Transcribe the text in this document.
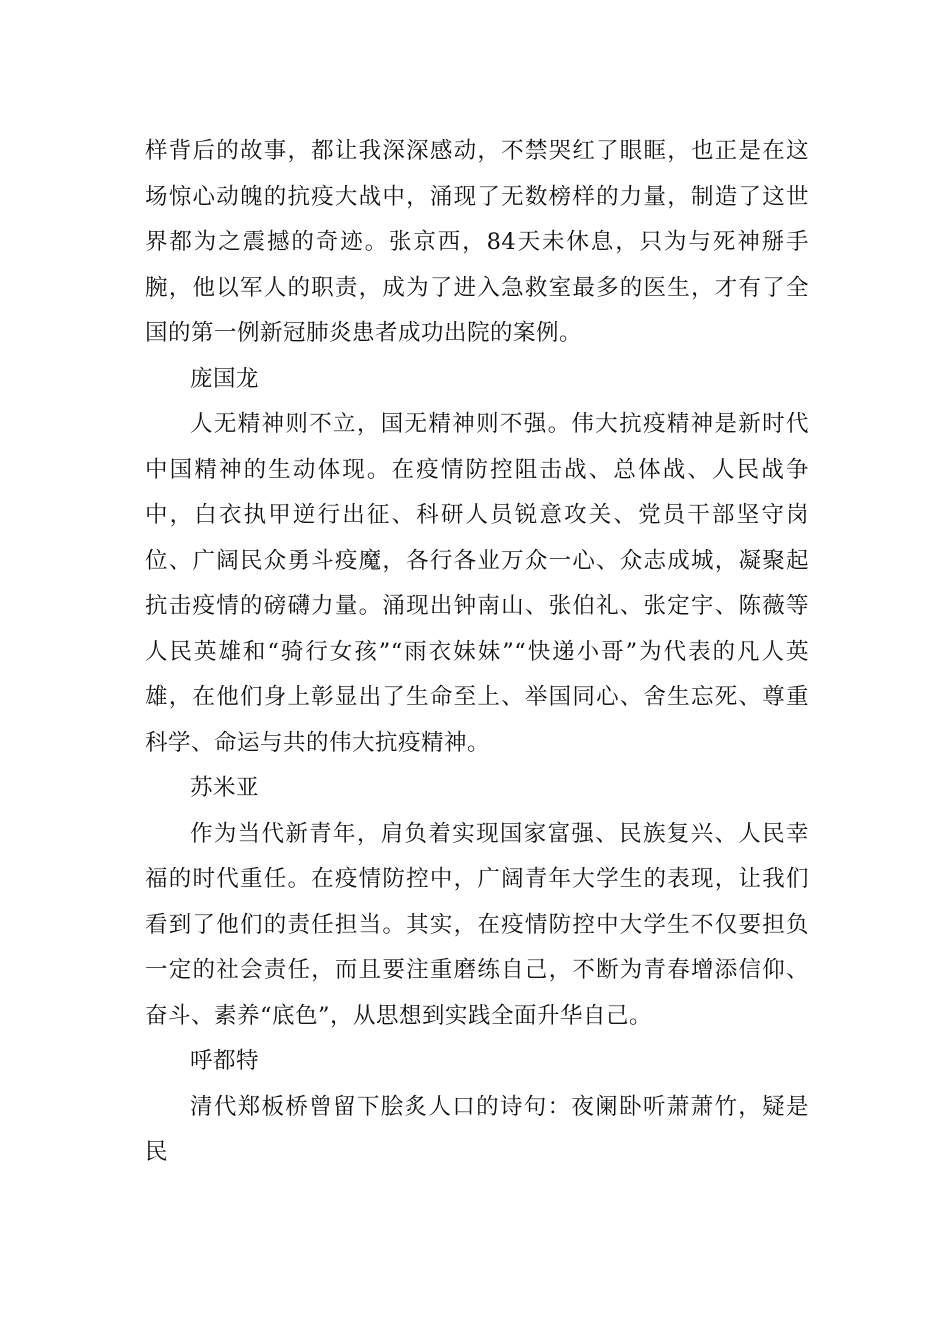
样背后的故事，都让我深深感动，不禁哭红了眼眶，也正是在这场惊心动魄的抗疫大战中，涌现了无数榜样的力量，制造了这世界都为之震撼的奇迹。张京西，84天未休息，只为与死神掰手腕，他以军人的职责，成为了进入急救室最多的医生，才有了全国的第一例新冠肺炎患者成功出院的案例。

庞国龙

人无精神则不立，国无精神则不强。伟大抗疫精神是新时代中国精神的生动体现。在疫情防控阻击战、总体战、人民战争中，白衣执甲逆行出征、科研人员锐意攻关、党员干部坚守岗位、广阔民众勇斗疫魔，各行各业万众一心、众志成城，凝聚起抗击疫情的磅礴力量。涌现出钟南山、张伯礼、张定宇、陈薇等人民英雄和“骑行女孩”“雨衣妹妹”“快递小哥”为代表的凡人英雄，在他们身上彰显出了生命至上、举国同心、舍生忘死、尊重科学、命运与共的伟大抗疫精神。

苏米亚

作为当代新青年，肩负着实现国家富强、民族复兴、人民幸福的时代重任。在疫情防控中，广阔青年大学生的表现，让我们看到了他们的责任担当。其实，在疫情防控中大学生不仅要担负一定的社会责任，而且要注重磨练自己，不断为青春增添信仰、奋斗、素养“底色”，从思想到实践全面升华自己。

呼都特

清代郑板桥曾留下脍炙人口的诗句：夜阑卧听萧萧竹，疑是民
